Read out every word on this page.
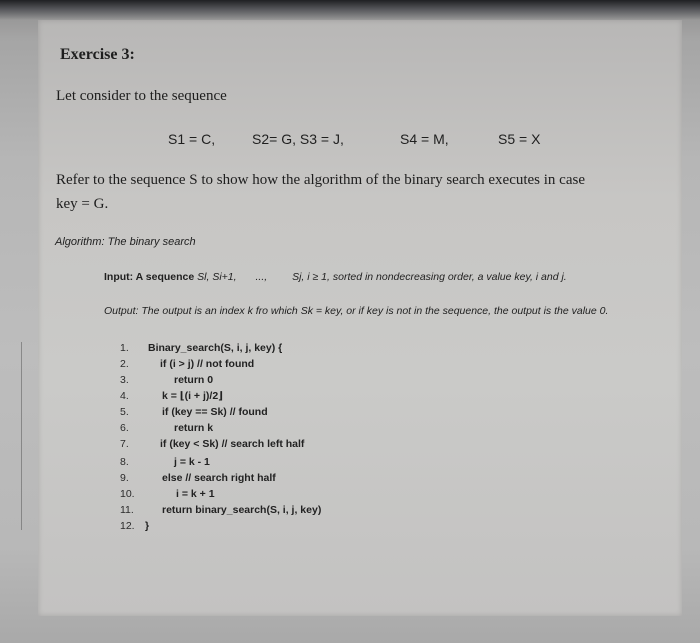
Exercise 3:
Let consider to the sequence
S1 = C,	S2= G, S3 = J,	S4 = M,	S5 = X
Refer to the sequence S to show how the algorithm of the binary search executes in case
key = G.
Algorithm: The binary search
Input: A sequence Sl, Si+1, ..., Sj, i ≥ 1, sorted in nondecreasing order, a value key, i and j.
Output: The output is an index k fro which Sk = key, or if key is not in the sequence, the output is the value 0.
1.
2.
3.
4.
5.
6.
7.
8.
9.
10.
11.
12.
Binary_search(S, i, j, key) {
if (i > j) // not found
return 0
k = ⌊(i + j)/2⌋
if (key == Sk) // found
return k
if (key < Sk) // search left half
j = k - 1
else // search right half
i = k + 1
return binary_search(S, i, j, key)
}
